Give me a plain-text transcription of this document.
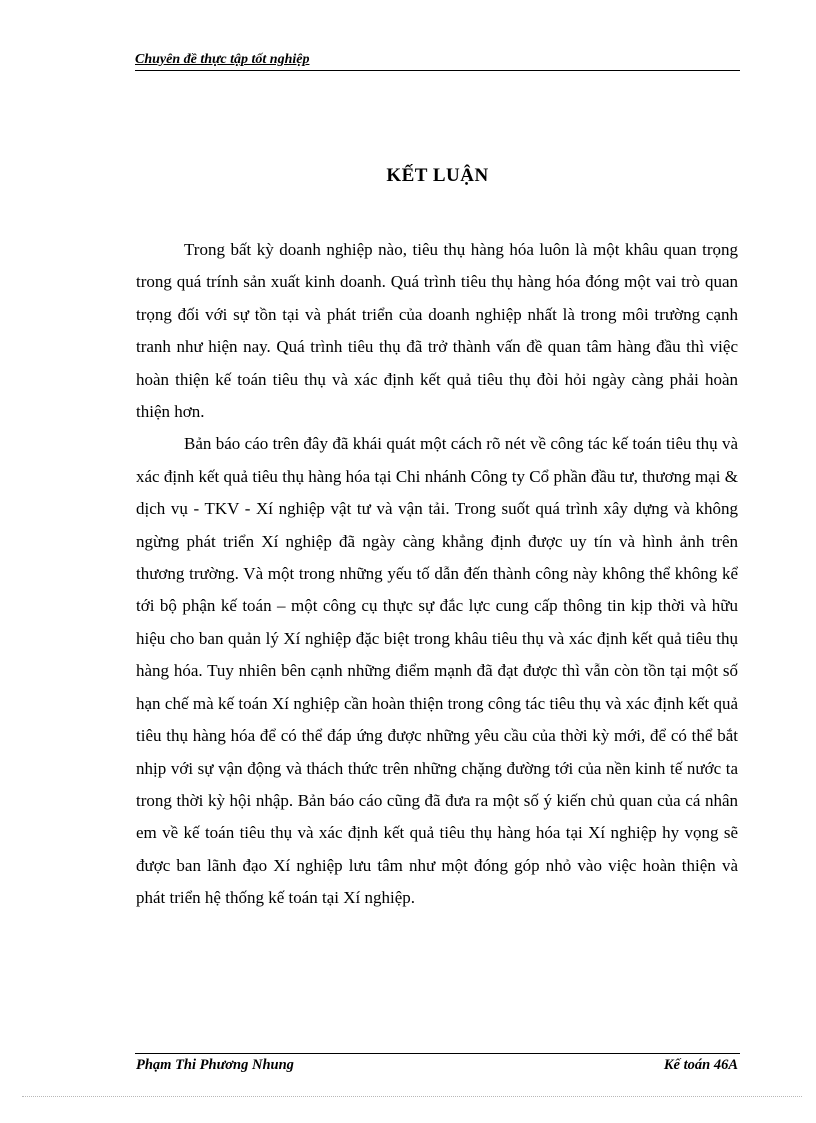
Chuyên đề thực tập tốt nghiệp
KẾT LUẬN

Trong bất kỳ doanh nghiệp nào, tiêu thụ hàng hóa luôn là một khâu quan trọng trong quá trính sản xuất kinh doanh. Quá trình tiêu thụ hàng hóa đóng một vai trò quan trọng đối với sự tồn tại và phát triển của doanh nghiệp nhất là trong môi trường cạnh tranh như hiện nay. Quá trình tiêu thụ đã trở thành vấn đề quan tâm hàng đầu thì việc hoàn thiện kế toán tiêu thụ và xác định kết quả tiêu thụ đòi hỏi ngày càng phải hoàn thiện hơn.

Bản báo cáo trên đây đã khái quát một cách rõ nét về công tác kế toán tiêu thụ và xác định kết quả tiêu thụ hàng hóa tại Chi nhánh Công ty Cổ phần đầu tư, thương mại & dịch vụ - TKV - Xí nghiệp vật tư và vận tải. Trong suốt quá trình xây dựng và không ngừng phát triển Xí nghiệp đã ngày càng khẳng định được uy tín và hình ảnh trên thương trường. Và một trong những yếu tố dẫn đến thành công này không thể không kể tới bộ phận kế toán – một công cụ thực sự đắc lực cung cấp thông tin kịp thời và hữu hiệu cho ban quản lý Xí nghiệp đặc biệt trong khâu tiêu thụ và xác định kết quả tiêu thụ hàng hóa. Tuy nhiên bên cạnh những điểm mạnh đã đạt được thì vẫn còn tồn tại một số hạn chế mà kế toán Xí nghiệp cần hoàn thiện trong công tác tiêu thụ và xác định kết quả tiêu thụ hàng hóa để có thể đáp ứng được những yêu cầu của thời kỳ mới, để có thể bắt nhịp với sự vận động và thách thức trên những chặng đường tới của nền kinh tế nước ta trong thời kỳ hội nhập. Bản báo cáo cũng đã đưa ra một số ý kiến chủ quan của cá nhân em về kế toán tiêu thụ và xác định kết quả tiêu thụ hàng hóa tại Xí nghiệp hy vọng sẽ được ban lãnh đạo Xí nghiệp lưu tâm như một đóng góp nhỏ vào việc hoàn thiện và phát triển hệ thống kế toán tại Xí nghiệp.

Phạm Thi Phương Nhung	Kế toán 46A
